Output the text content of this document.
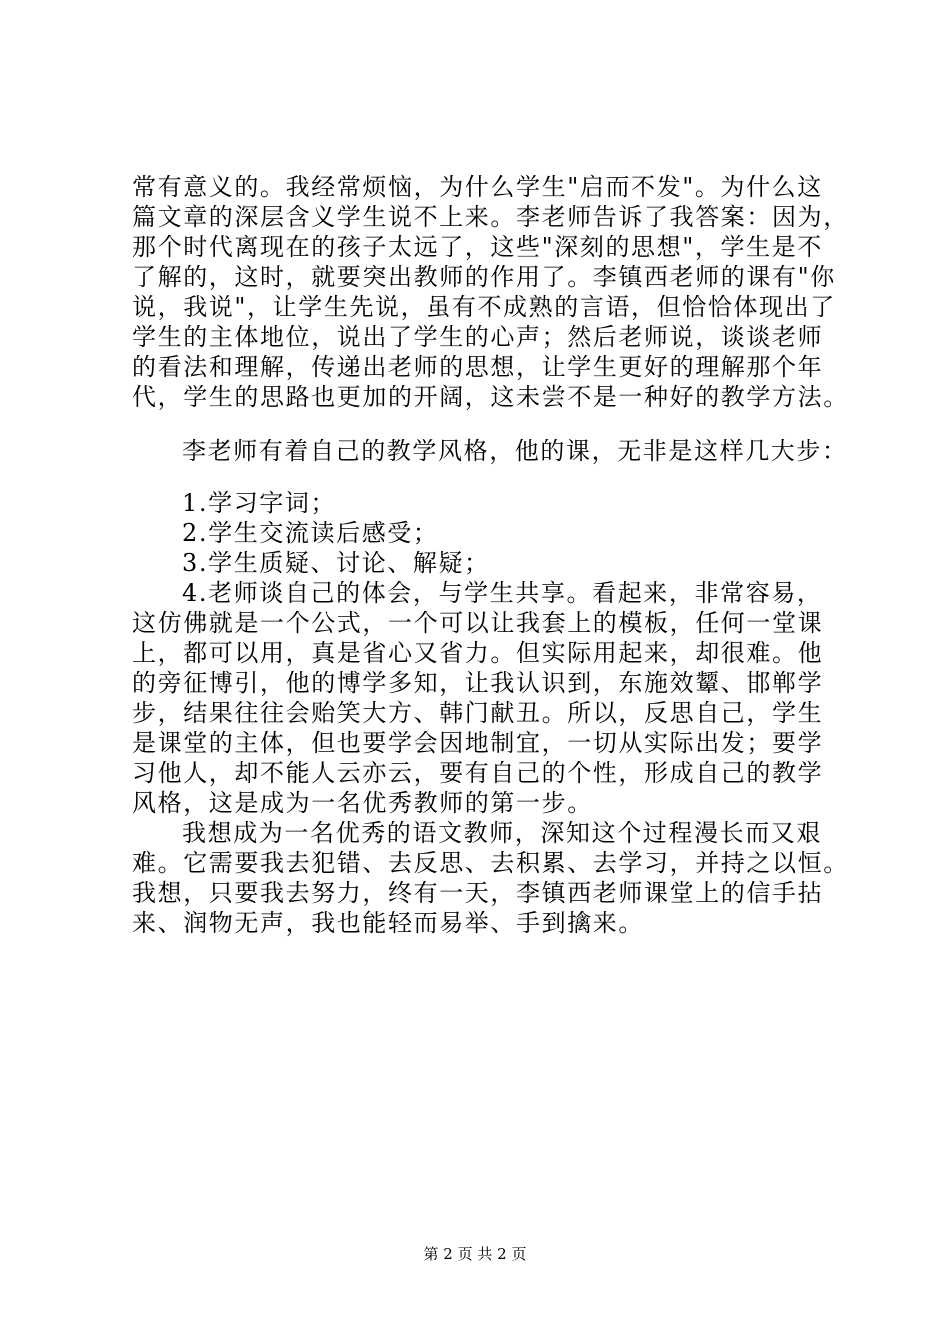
常有意义的。我经常烦恼，为什么学生"启而不发"。为什么这
篇文章的深层含义学生说不上来。李老师告诉了我答案：因为，
那个时代离现在的孩子太远了，这些"深刻的思想"，学生是不
了解的，这时，就要突出教师的作用了。李镇西老师的课有"你
说，我说"，让学生先说，虽有不成熟的言语，但恰恰体现出了
学生的主体地位，说出了学生的心声；然后老师说，谈谈老师
的看法和理解，传递出老师的思想，让学生更好的理解那个年
代，学生的思路也更加的开阔，这未尝不是一种好的教学方法。
李老师有着自己的教学风格，他的课，无非是这样几大步：
1.学习字词；
2.学生交流读后感受；
3.学生质疑、讨论、解疑；
4.老师谈自己的体会，与学生共享。看起来，非常容易，
这仿佛就是一个公式，一个可以让我套上的模板，任何一堂课
上，都可以用，真是省心又省力。但实际用起来，却很难。他
的旁征博引，他的博学多知，让我认识到，东施效颦、邯郸学
步，结果往往会贻笑大方、韩门献丑。所以，反思自己，学生
是课堂的主体，但也要学会因地制宜，一切从实际出发；要学
习他人，却不能人云亦云，要有自己的个性，形成自己的教学
风格，这是成为一名优秀教师的第一步。
我想成为一名优秀的语文教师，深知这个过程漫长而又艰
难。它需要我去犯错、去反思、去积累、去学习，并持之以恒。
我想，只要我去努力，终有一天，李镇西老师课堂上的信手拈
来、润物无声，我也能轻而易举、手到擒来。
第 2 页 共 2 页
